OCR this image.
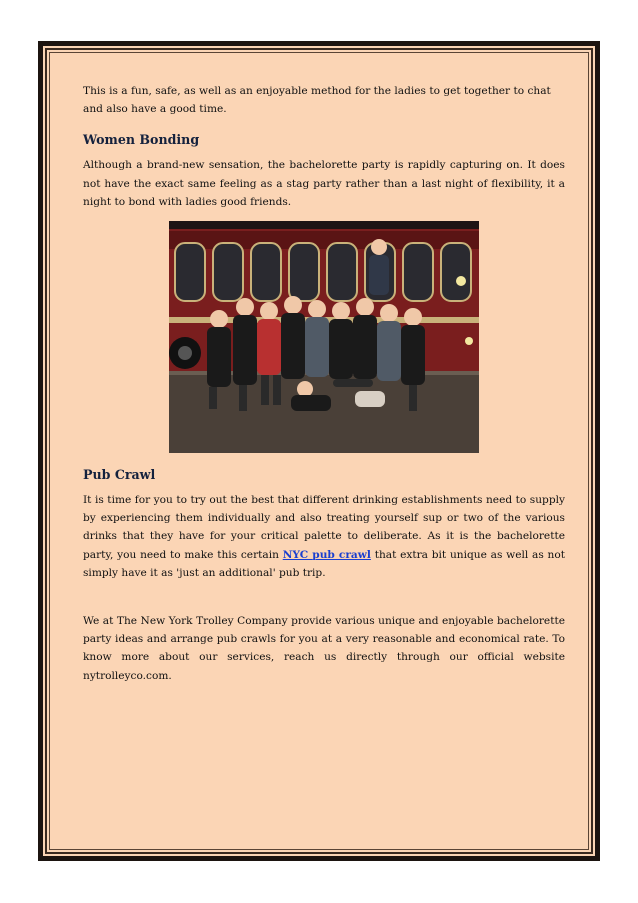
This is a fun, safe, as well as an enjoyable method for the ladies to get together to chat and also have a good time.

Women Bonding

Although a brand-new sensation, the bachelorette party is rapidly capturing on. It does not have the exact same feeling as a stag party rather than a last night of flexibility, it a night to bond with ladies good friends.

Pub Crawl

It is time for you to try out the best that different drinking establishments need to supply by experiencing them individually and also treating yourself sup or two of the various drinks that they have for your critical palette to deliberate. As it is the bachelorette party, you need to make this certain NYC pub crawl that extra bit unique as well as not simply have it as 'just an additional' pub trip.

We at The New York Trolley Company provide various unique and enjoyable bachelorette party ideas and arrange pub crawls for you at a very reasonable and economical rate. To know more about our services, reach us directly through our official website nytrolleyco.com.
